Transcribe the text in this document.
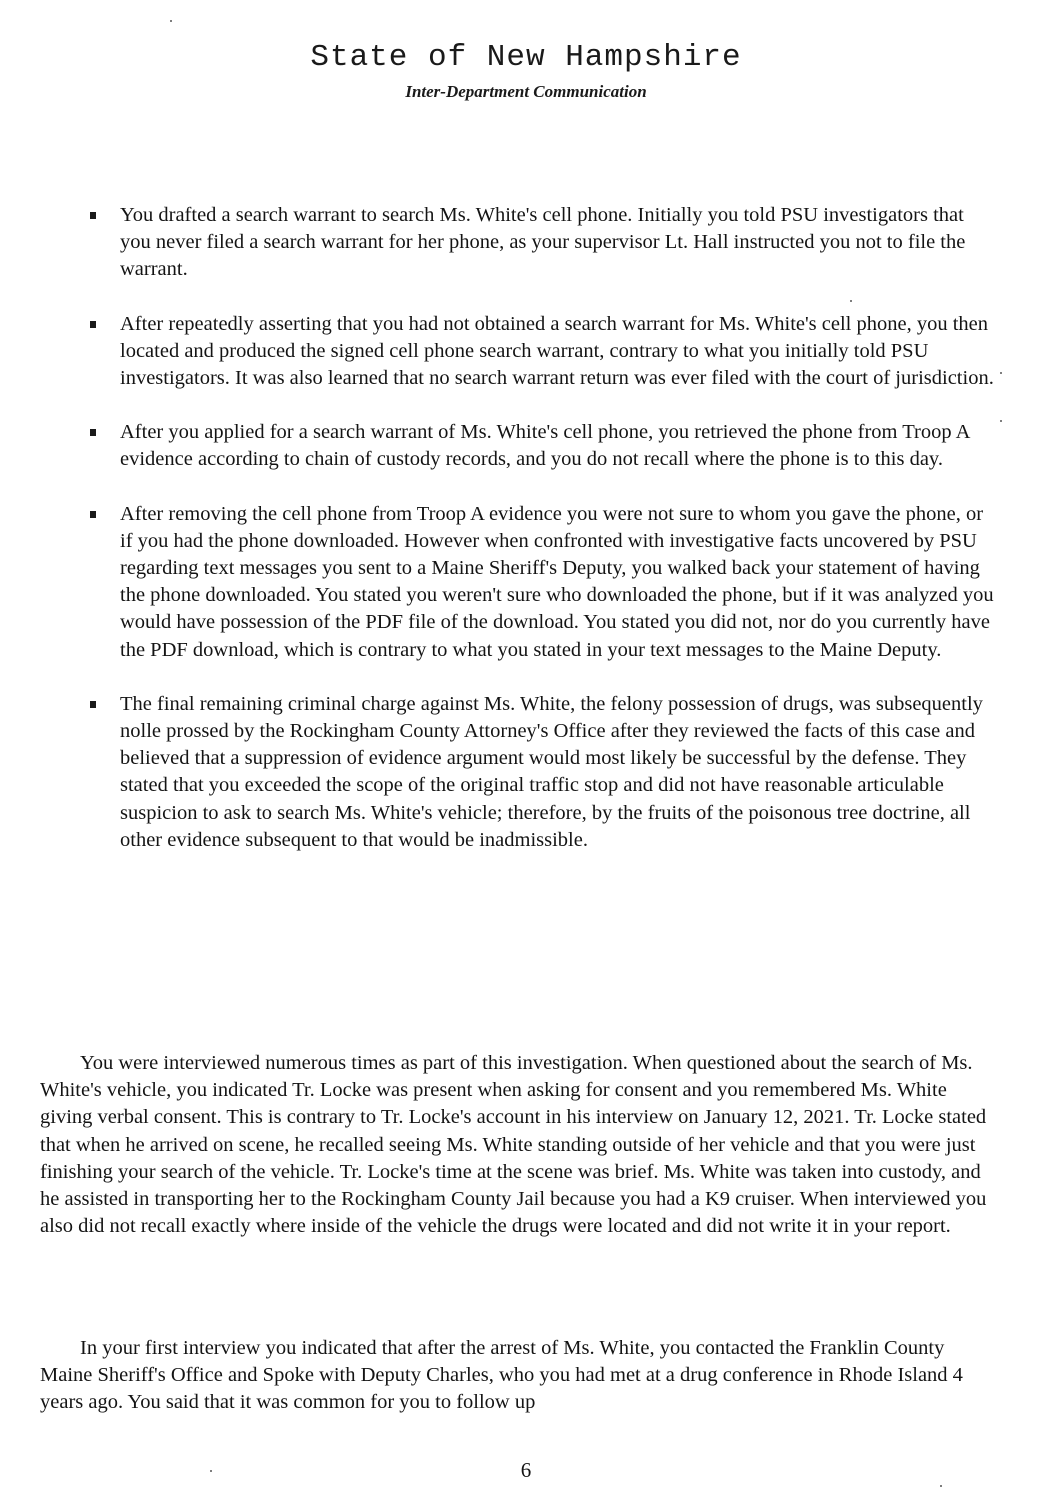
State of New Hampshire
Inter-Department Communication
You drafted a search warrant to search Ms. White's cell phone. Initially you told PSU investigators that you never filed a search warrant for her phone, as your supervisor Lt. Hall instructed you not to file the warrant.
After repeatedly asserting that you had not obtained a search warrant for Ms. White's cell phone, you then located and produced the signed cell phone search warrant, contrary to what you initially told PSU investigators. It was also learned that no search warrant return was ever filed with the court of jurisdiction.
After you applied for a search warrant of Ms. White's cell phone, you retrieved the phone from Troop A evidence according to chain of custody records, and you do not recall where the phone is to this day.
After removing the cell phone from Troop A evidence you were not sure to whom you gave the phone, or if you had the phone downloaded. However when confronted with investigative facts uncovered by PSU regarding text messages you sent to a Maine Sheriff's Deputy, you walked back your statement of having the phone downloaded. You stated you weren't sure who downloaded the phone, but if it was analyzed you would have possession of the PDF file of the download. You stated you did not, nor do you currently have the PDF download, which is contrary to what you stated in your text messages to the Maine Deputy.
The final remaining criminal charge against Ms. White, the felony possession of drugs, was subsequently nolle prossed by the Rockingham County Attorney's Office after they reviewed the facts of this case and believed that a suppression of evidence argument would most likely be successful by the defense. They stated that you exceeded the scope of the original traffic stop and did not have reasonable articulable suspicion to ask to search Ms. White's vehicle; therefore, by the fruits of the poisonous tree doctrine, all other evidence subsequent to that would be inadmissible.

You were interviewed numerous times as part of this investigation. When questioned about the search of Ms. White's vehicle, you indicated Tr. Locke was present when asking for consent and you remembered Ms. White giving verbal consent. This is contrary to Tr. Locke's account in his interview on January 12, 2021. Tr. Locke stated that when he arrived on scene, he recalled seeing Ms. White standing outside of her vehicle and that you were just finishing your search of the vehicle. Tr. Locke's time at the scene was brief. Ms. White was taken into custody, and he assisted in transporting her to the Rockingham County Jail because you had a K9 cruiser. When interviewed you also did not recall exactly where inside of the vehicle the drugs were located and did not write it in your report.

In your first interview you indicated that after the arrest of Ms. White, you contacted the Franklin County Maine Sheriff's Office and Spoke with Deputy Charles, who you had met at a drug conference in Rhode Island 4 years ago. You said that it was common for you to follow up

6
